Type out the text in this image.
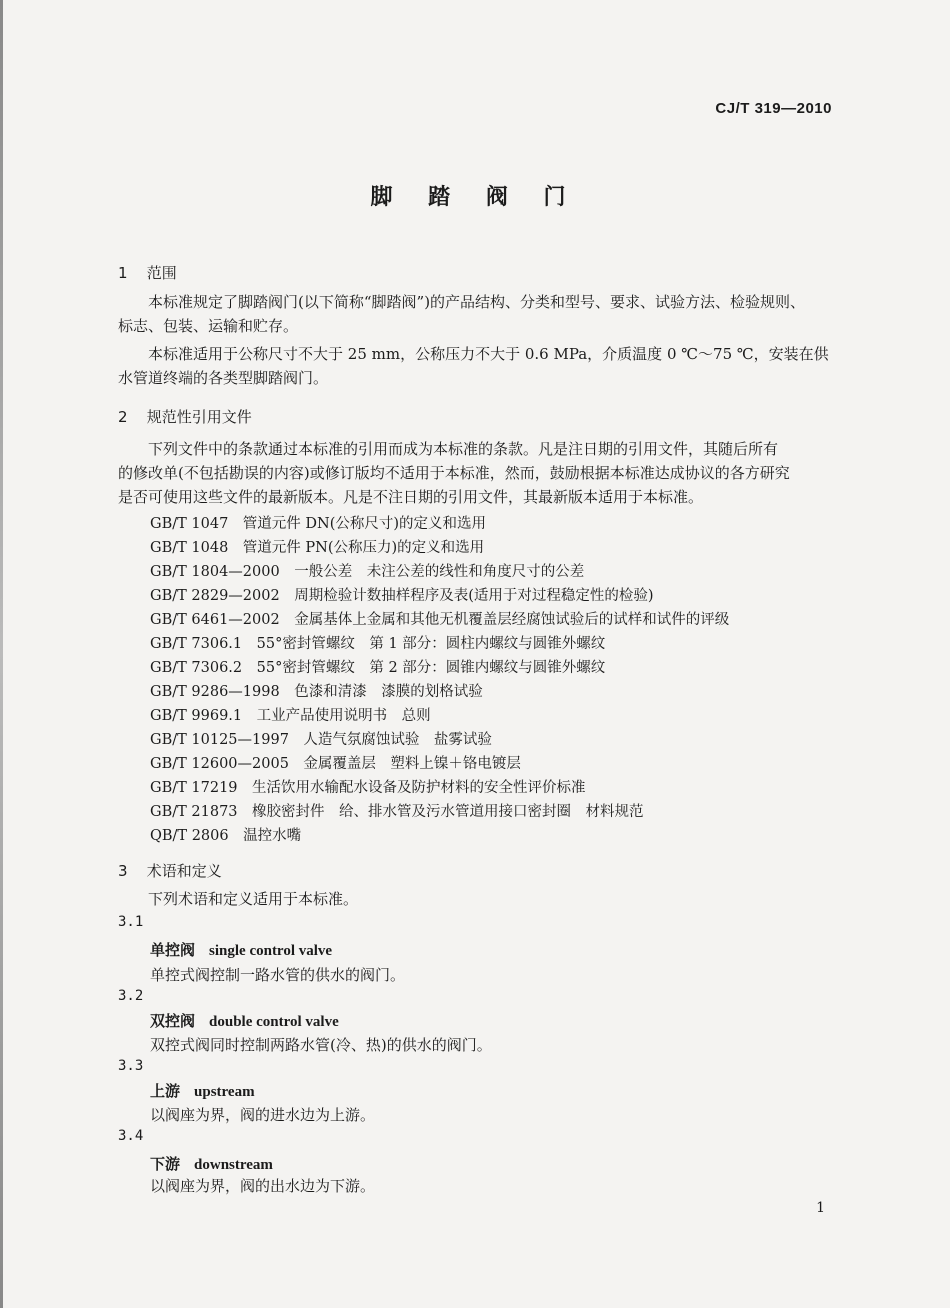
CJ/T 319—2010
脚 踏 阀 门
1 范围
本标准规定了脚踏阀门(以下简称“脚踏阀”)的产品结构、分类和型号、要求、试验方法、检验规则、
标志、包装、运输和贮存。
本标准适用于公称尺寸不大于 25 mm，公称压力不大于 0.6 MPa，介质温度 0 ℃～75 ℃，安装在供
水管道终端的各类型脚踏阀门。
2 规范性引用文件
下列文件中的条款通过本标准的引用而成为本标准的条款。凡是注日期的引用文件，其随后所有
的修改单(不包括勘误的内容)或修订版均不适用于本标准，然而，鼓励根据本标准达成协议的各方研究
是否可使用这些文件的最新版本。凡是不注日期的引用文件，其最新版本适用于本标准。
GB/T 1047　管道元件 DN(公称尺寸)的定义和选用
GB/T 1048　管道元件 PN(公称压力)的定义和选用
GB/T 1804—2000　一般公差　未注公差的线性和角度尺寸的公差
GB/T 2829—2002　周期检验计数抽样程序及表(适用于对过程稳定性的检验)
GB/T 6461—2002　金属基体上金属和其他无机覆盖层经腐蚀试验后的试样和试件的评级
GB/T 7306.1　55°密封管螺纹　第 1 部分：圆柱内螺纹与圆锥外螺纹
GB/T 7306.2　55°密封管螺纹　第 2 部分：圆锥内螺纹与圆锥外螺纹
GB/T 9286—1998　色漆和清漆　漆膜的划格试验
GB/T 9969.1　工业产品使用说明书　总则
GB/T 10125—1997　人造气氛腐蚀试验　盐雾试验
GB/T 12600—2005　金属覆盖层　塑料上镍＋铬电镀层
GB/T 17219　生活饮用水输配水设备及防护材料的安全性评价标准
GB/T 21873　橡胶密封件　给、排水管及污水管道用接口密封圈　材料规范
QB/T 2806　温控水嘴
3 术语和定义
下列术语和定义适用于本标准。
3.1
单控阀 single control valve
单控式阀控制一路水管的供水的阀门。
3.2
双控阀 double control valve
双控式阀同时控制两路水管(冷、热)的供水的阀门。
3.3
上游 upstream
以阀座为界，阀的进水边为上游。
3.4
下游 downstream
以阀座为界，阀的出水边为下游。
1
